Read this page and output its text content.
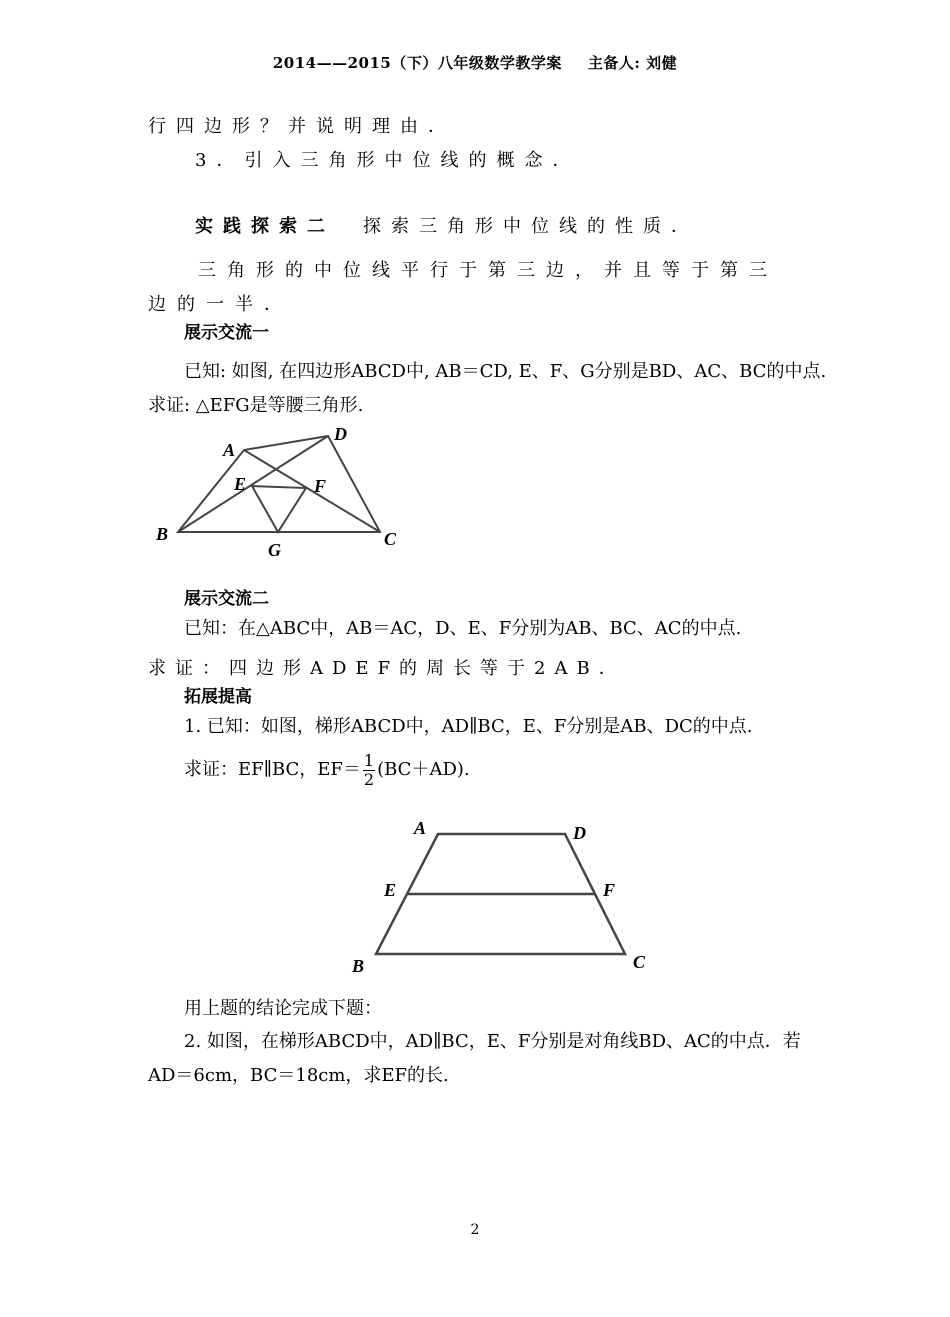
2014——2015（下）八年级数学教学案 主备人: 刘健
行四边形？并说明理由．
3．引入三角形中位线的概念．
实践探索二 探索三角形中位线的性质．
三角形的中位线平行于第三边，并且等于第三
边的一半．
展示交流一
已知: 如图, 在四边形ABCD中, AB＝CD, E、F、G分别是BD、AC、BC的中点.
求证: △EFG是等腰三角形.
A
D
E	F
B
G
C
展示交流二
已知：在△ABC中，AB＝AC，D、E、F分别为AB、BC、AC的中点.
求证：四边形ADEF的周长等于2AB．
拓展提高
1. 已知：如图，梯形ABCD中，AD∥BC，E、F分别是AB、DC的中点.
求证：EF∥BC，$EF= \frac{1}{2} (BC+AD)$.
A	D
E	F
B	C
用上题的结论完成下题：
2. 如图，在梯形ABCD中，AD∥BC，E、F分别是对角线BD、AC的中点．若
AD＝6cm，BC＝18cm，求EF的长.
2
